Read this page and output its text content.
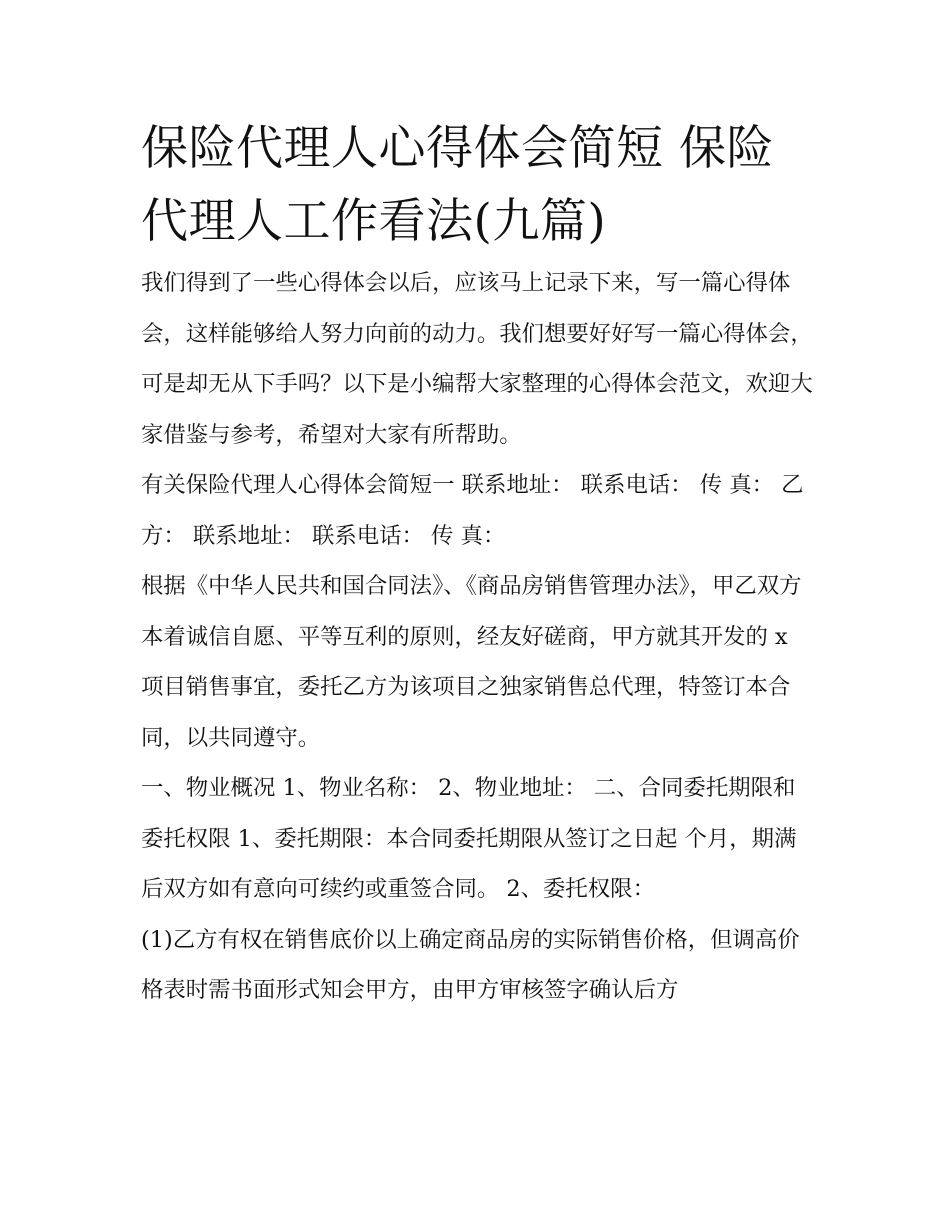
保险代理人心得体会简短 保险代理人工作看法(九篇)

我们得到了一些心得体会以后，应该马上记录下来，写一篇心得体会，这样能够给人努力向前的动力。我们想要好好写一篇心得体会，可是却无从下手吗？以下是小编帮大家整理的心得体会范文，欢迎大家借鉴与参考，希望对大家有所帮助。

有关保险代理人心得体会简短一 联系地址： 联系电话： 传 真： 乙方： 联系地址： 联系电话： 传 真：

根据《中华人民共和国合同法》、《商品房销售管理办法》，甲乙双方本着诚信自愿、平等互利的原则，经友好磋商，甲方就其开发的 x 项目销售事宜，委托乙方为该项目之独家销售总代理，特签订本合同，以共同遵守。

一、物业概况 1、物业名称： 2、物业地址： 二、合同委托期限和委托权限 1、委托期限：本合同委托期限从签订之日起 个月，期满后双方如有意向可续约或重签合同。 2、委托权限：

(1)乙方有权在销售底价以上确定商品房的实际销售价格，但调高价格表时需书面形式知会甲方，由甲方审核签字确认后方
